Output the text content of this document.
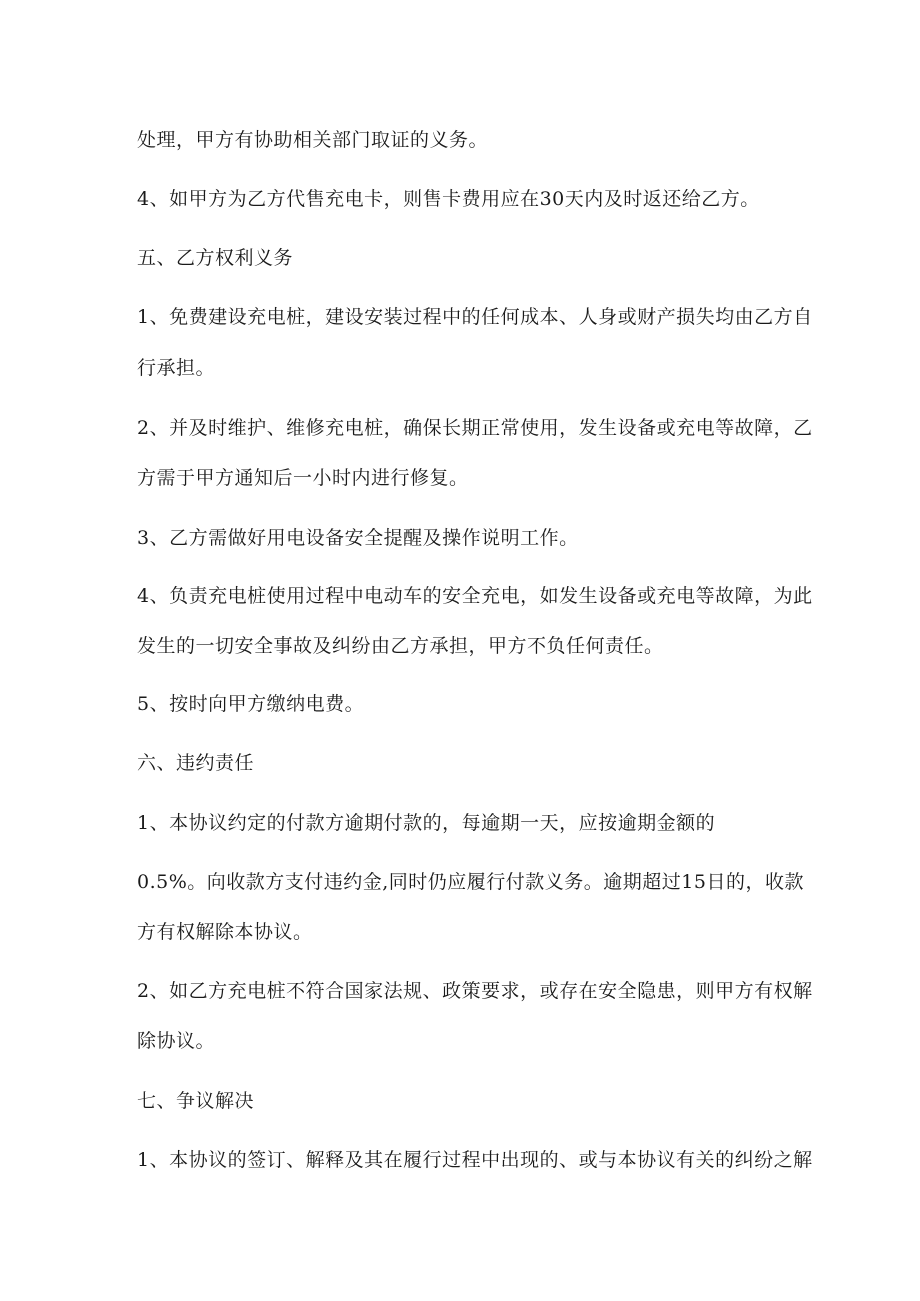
处理，甲方有协助相关部门取证的义务。
4、如甲方为乙方代售充电卡，则售卡费用应在30天内及时返还给乙方。
五、乙方权利义务
1、免费建设充电桩，建设安装过程中的任何成本、人身或财产损失均由乙方自
行承担。
2、并及时维护、维修充电桩，确保长期正常使用，发生设备或充电等故障，乙
方需于甲方通知后一小时内进行修复。
3、乙方需做好用电设备安全提醒及操作说明工作。
4、负责充电桩使用过程中电动车的安全充电，如发生设备或充电等故障，为此
发生的一切安全事故及纠纷由乙方承担，甲方不负任何责任。
5、按时向甲方缴纳电费。
六、违约责任
1、本协议约定的付款方逾期付款的，每逾期一天，应按逾期金额的
0.5%。向收款方支付违约金,同时仍应履行付款义务。逾期超过15日的，收款
方有权解除本协议。
2、如乙方充电桩不符合国家法规、政策要求，或存在安全隐患，则甲方有权解
除协议。
七、争议解决
1、本协议的签订、解释及其在履行过程中出现的、或与本协议有关的纠纷之解
